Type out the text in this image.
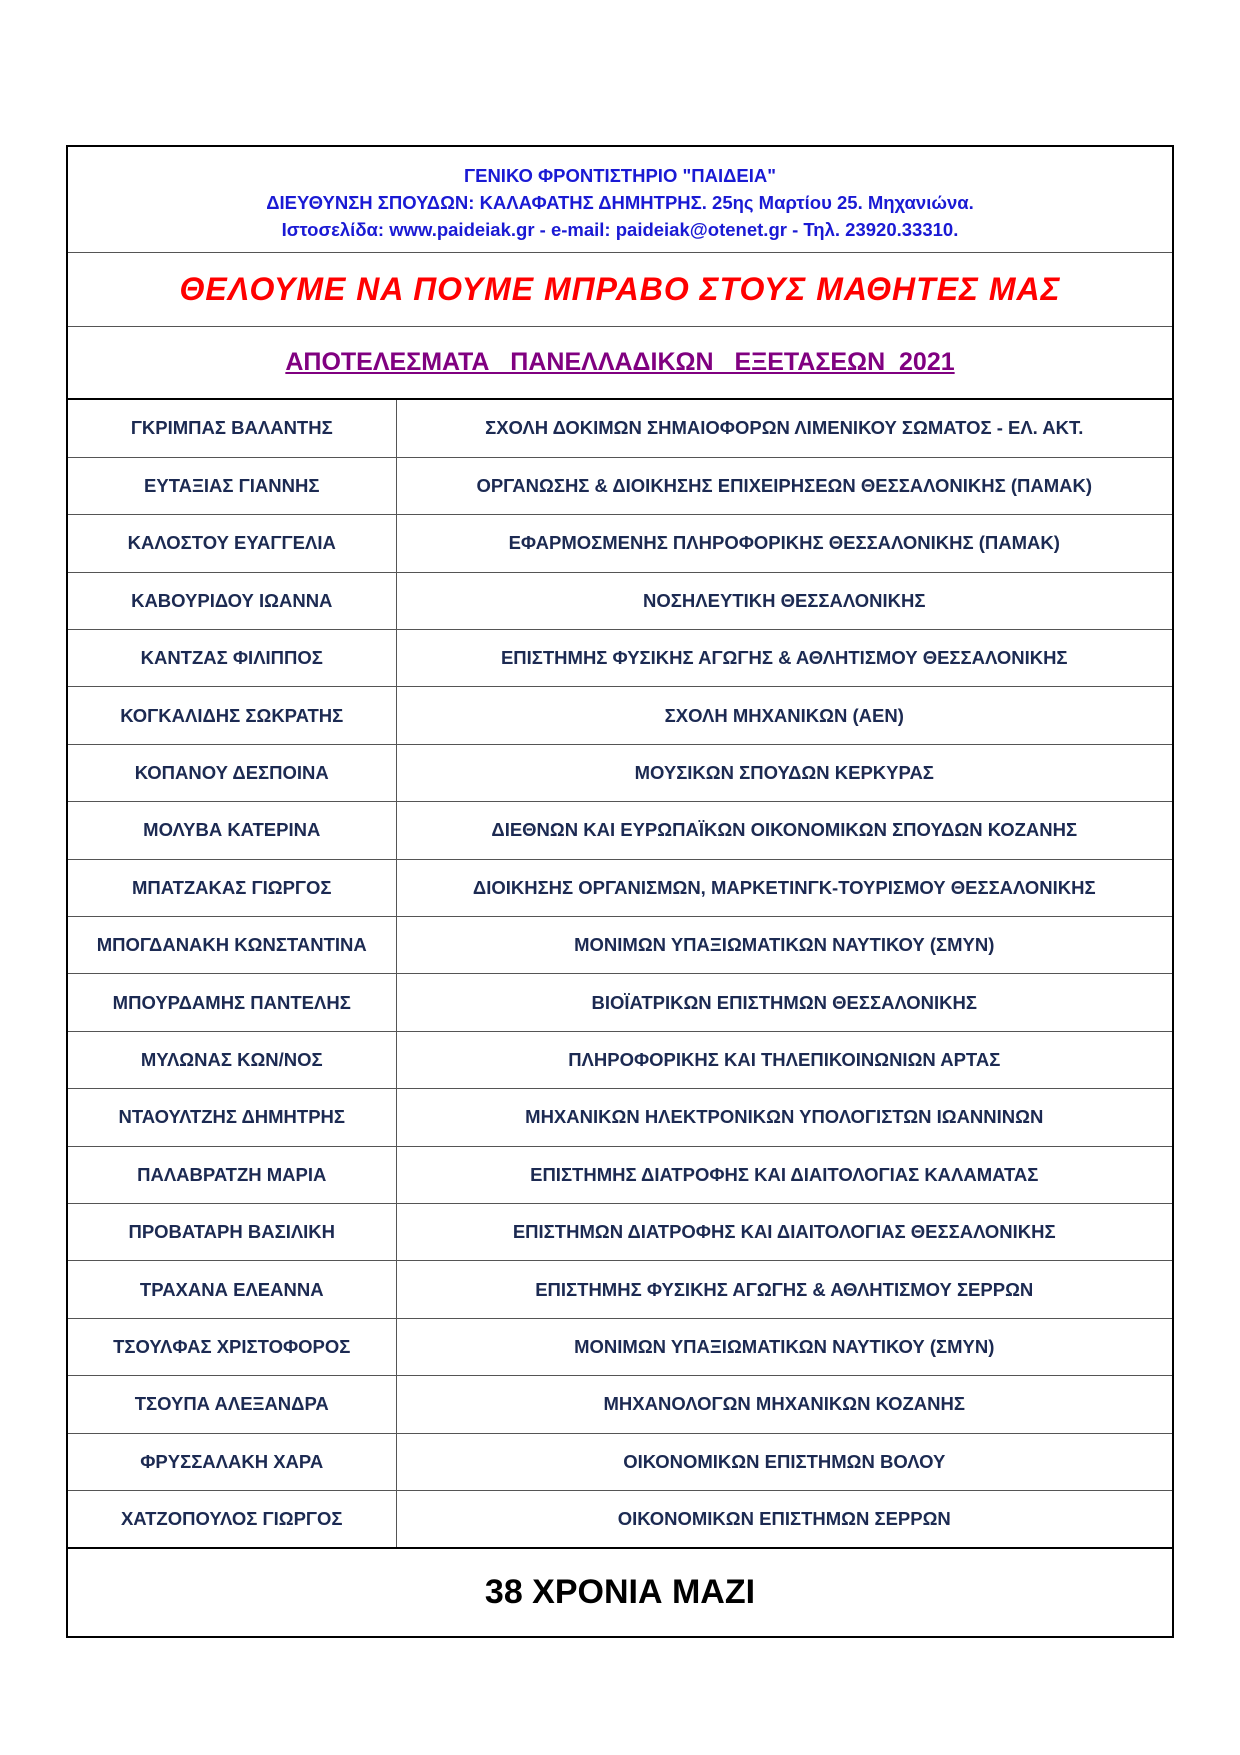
ΓΕΝΙΚΟ ΦΡΟΝΤΙΣΤΗΡΙΟ "ΠΑΙΔΕΙΑ"
ΔΙΕΥΘΥΝΣΗ ΣΠΟΥΔΩΝ: ΚΑΛΑΦΑΤΗΣ ΔΗΜΗΤΡΗΣ. 25ης Μαρτίου 25. Μηχανιώνα.
Ιστοσελίδα: www.paideiak.gr - e-mail: paideiak@otenet.gr - Τηλ. 23920.33310.
ΘΕΛΟΥΜΕ ΝΑ ΠΟΥΜΕ ΜΠΡΑΒΟ ΣΤΟΥΣ ΜΑΘΗΤΕΣ ΜΑΣ
ΑΠΟΤΕΛΕΣΜΑΤΑ   ΠΑΝΕΛΛΑΔΙΚΩΝ   ΕΞΕΤΑΣΕΩΝ  2021
ΓΚΡΙΜΠΑΣ ΒΑΛΑΝΤΗΣ	ΣΧΟΛΗ ΔΟΚΙΜΩΝ ΣΗΜΑΙΟΦΟΡΩΝ ΛΙΜΕΝΙΚΟΥ ΣΩΜΑΤΟΣ - ΕΛ. ΑΚΤ.
ΕΥΤΑΞΙΑΣ ΓΙΑΝΝΗΣ	ΟΡΓΑΝΩΣΗΣ & ΔΙΟΙΚΗΣΗΣ ΕΠΙΧΕΙΡΗΣΕΩΝ ΘΕΣΣΑΛΟΝΙΚΗΣ (ΠΑΜΑΚ)
ΚΑΛΟΣΤΟΥ ΕΥΑΓΓΕΛΙΑ	ΕΦΑΡΜΟΣΜΕΝΗΣ ΠΛΗΡΟΦΟΡΙΚΗΣ ΘΕΣΣΑΛΟΝΙΚΗΣ (ΠΑΜΑΚ)
ΚΑΒΟΥΡΙΔΟΥ ΙΩΑΝΝΑ	ΝΟΣΗΛΕΥΤΙΚΗ ΘΕΣΣΑΛΟΝΙΚΗΣ
ΚΑΝΤΖΑΣ ΦΙΛΙΠΠΟΣ	ΕΠΙΣΤΗΜΗΣ ΦΥΣΙΚΗΣ ΑΓΩΓΗΣ & ΑΘΛΗΤΙΣΜΟΥ ΘΕΣΣΑΛΟΝΙΚΗΣ
ΚΟΓΚΑΛΙΔΗΣ ΣΩΚΡΑΤΗΣ	ΣΧΟΛΗ ΜΗΧΑΝΙΚΩΝ (ΑΕΝ)
ΚΟΠΑΝΟΥ ΔΕΣΠΟΙΝΑ	ΜΟΥΣΙΚΩΝ ΣΠΟΥΔΩΝ ΚΕΡΚΥΡΑΣ
ΜΟΛΥΒΑ ΚΑΤΕΡΙΝΑ	ΔΙΕΘΝΩΝ ΚΑΙ ΕΥΡΩΠΑΪΚΩΝ ΟΙΚΟΝΟΜΙΚΩΝ ΣΠΟΥΔΩΝ ΚΟΖΑΝΗΣ
ΜΠΑΤΖΑΚΑΣ ΓΙΩΡΓΟΣ	ΔΙΟΙΚΗΣΗΣ ΟΡΓΑΝΙΣΜΩΝ, ΜΑΡΚΕΤΙΝΓΚ-ΤΟΥΡΙΣΜΟΥ ΘΕΣΣΑΛΟΝΙΚΗΣ
ΜΠΟΓΔΑΝΑΚΗ ΚΩΝΣΤΑΝΤΙΝΑ	ΜΟΝΙΜΩΝ ΥΠΑΞΙΩΜΑΤΙΚΩΝ ΝΑΥΤΙΚΟΥ (ΣΜΥΝ)
ΜΠΟΥΡΔΑΜΗΣ ΠΑΝΤΕΛΗΣ	ΒΙΟΪΑΤΡΙΚΩΝ ΕΠΙΣΤΗΜΩΝ ΘΕΣΣΑΛΟΝΙΚΗΣ
ΜΥΛΩΝΑΣ ΚΩΝ/ΝΟΣ	ΠΛΗΡΟΦΟΡΙΚΗΣ ΚΑΙ ΤΗΛΕΠΙΚΟΙΝΩΝΙΩΝ ΑΡΤΑΣ
ΝΤΑΟΥΛΤΖΗΣ ΔΗΜΗΤΡΗΣ	ΜΗΧΑΝΙΚΩΝ ΗΛΕΚΤΡΟΝΙΚΩΝ ΥΠΟΛΟΓΙΣΤΩΝ ΙΩΑΝΝΙΝΩΝ
ΠΑΛΑΒΡΑΤΖΗ ΜΑΡΙΑ	ΕΠΙΣΤΗΜΗΣ ΔΙΑΤΡΟΦΗΣ ΚΑΙ ΔΙΑΙΤΟΛΟΓΙΑΣ ΚΑΛΑΜΑΤΑΣ
ΠΡΟΒΑΤΑΡΗ ΒΑΣΙΛΙΚΗ	ΕΠΙΣΤΗΜΩΝ ΔΙΑΤΡΟΦΗΣ ΚΑΙ ΔΙΑΙΤΟΛΟΓΙΑΣ ΘΕΣΣΑΛΟΝΙΚΗΣ
ΤΡΑΧΑΝΑ ΕΛΕΑΝΝΑ	ΕΠΙΣΤΗΜΗΣ ΦΥΣΙΚΗΣ ΑΓΩΓΗΣ & ΑΘΛΗΤΙΣΜΟΥ ΣΕΡΡΩΝ
ΤΣΟΥΛΦΑΣ ΧΡΙΣΤΟΦΟΡΟΣ	ΜΟΝΙΜΩΝ ΥΠΑΞΙΩΜΑΤΙΚΩΝ ΝΑΥΤΙΚΟΥ (ΣΜΥΝ)
ΤΣΟΥΠΑ ΑΛΕΞΑΝΔΡΑ	ΜΗΧΑΝΟΛΟΓΩΝ ΜΗΧΑΝΙΚΩΝ ΚΟΖΑΝΗΣ
ΦΡΥΣΣΑΛΑΚΗ ΧΑΡΑ	ΟΙΚΟΝΟΜΙΚΩΝ ΕΠΙΣΤΗΜΩΝ ΒΟΛΟΥ
ΧΑΤΖΟΠΟΥΛΟΣ ΓΙΩΡΓΟΣ	ΟΙΚΟΝΟΜΙΚΩΝ ΕΠΙΣΤΗΜΩΝ ΣΕΡΡΩΝ
38 ΧΡΟΝΙΑ ΜΑΖΙ
